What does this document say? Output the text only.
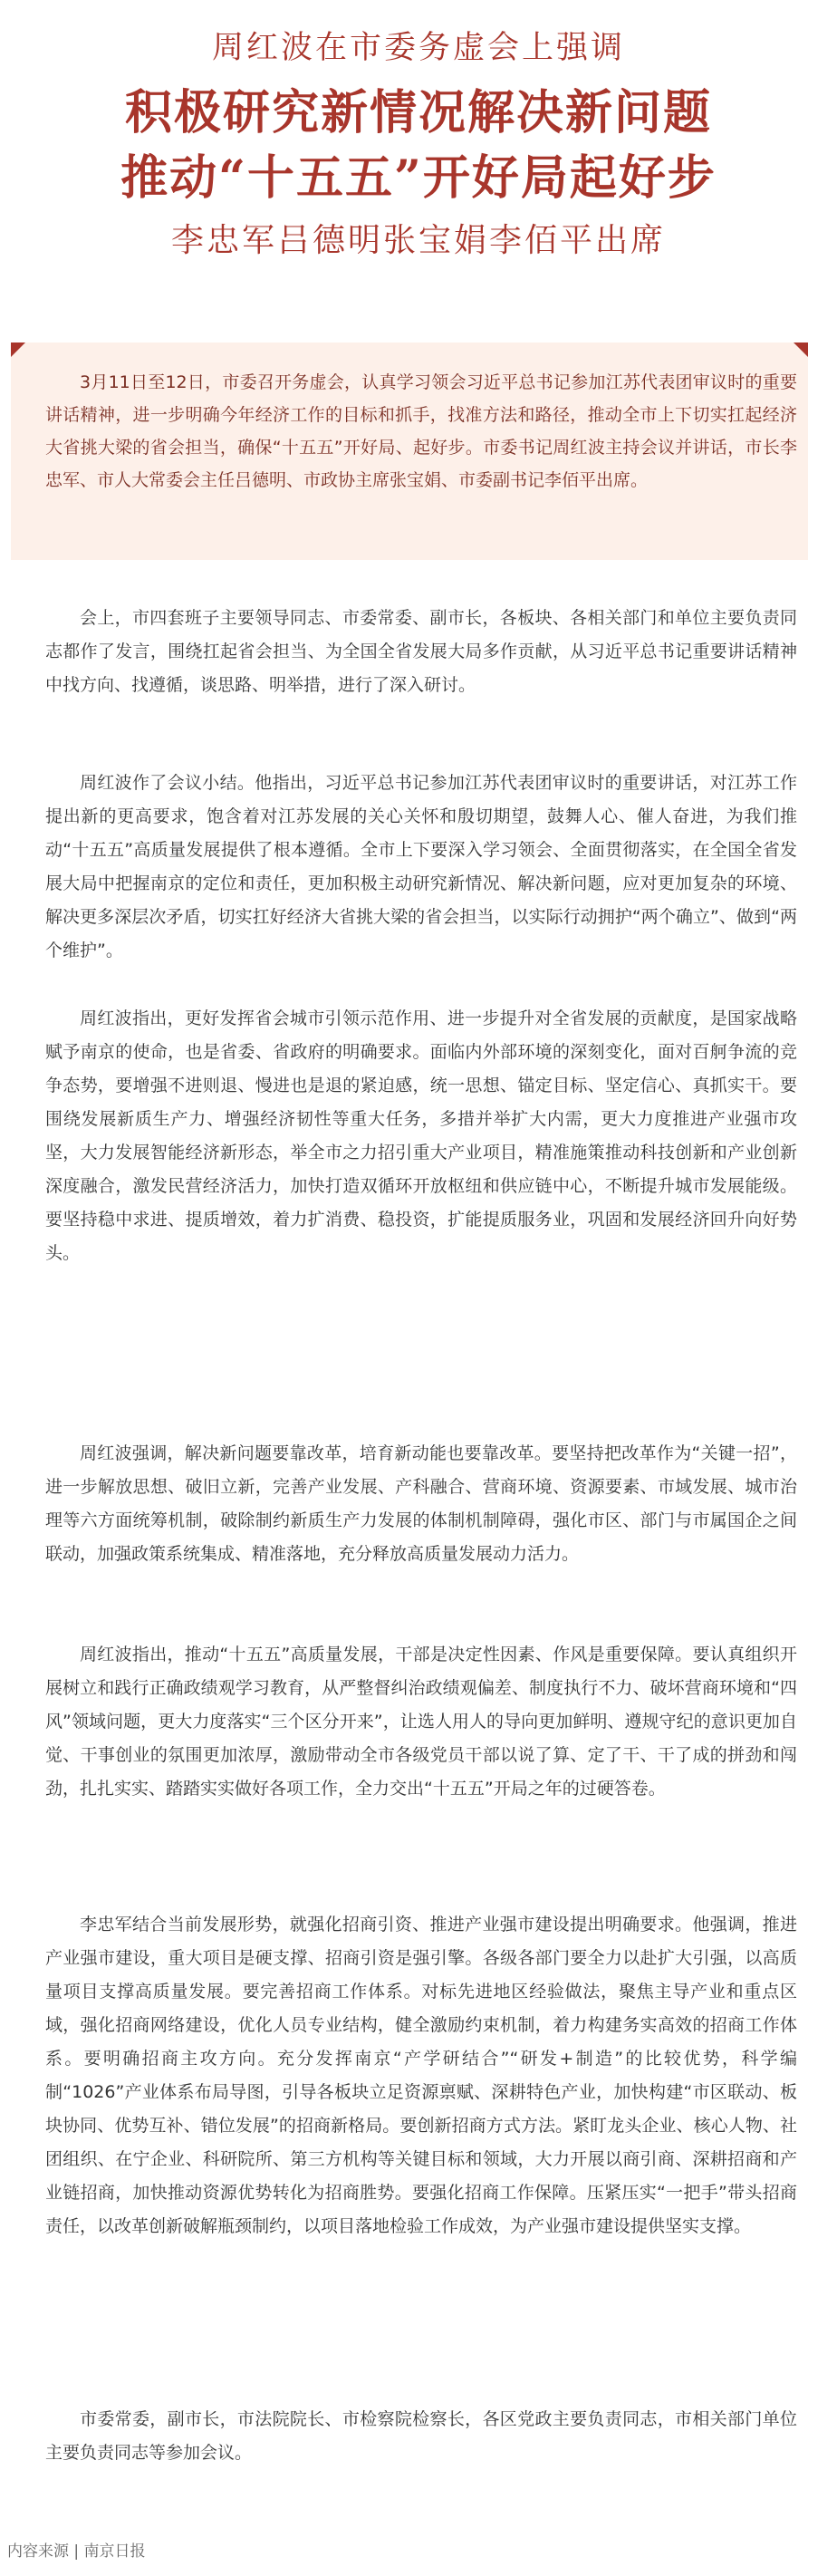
周红波在市委务虚会上强调
积极研究新情况解决新问题
推动“十五五”开好局起好步
李忠军吕德明张宝娟李佰平出席

3月11日至12日，市委召开务虚会，认真学习领会习近平总书记参加江苏代表团审议时的重要讲话精神，进一步明确今年经济工作的目标和抓手，找准方法和路径，推动全市上下切实扛起经济大省挑大梁的省会担当，确保“十五五”开好局、起好步。市委书记周红波主持会议并讲话，市长李忠军、市人大常委会主任吕德明、市政协主席张宝娟、市委副书记李佰平出席。

会上，市四套班子主要领导同志、市委常委、副市长，各板块、各相关部门和单位主要负责同志都作了发言，围绕扛起省会担当、为全国全省发展大局多作贡献，从习近平总书记重要讲话精神中找方向、找遵循，谈思路、明举措，进行了深入研讨。

周红波作了会议小结。他指出，习近平总书记参加江苏代表团审议时的重要讲话，对江苏工作提出新的更高要求，饱含着对江苏发展的关心关怀和殷切期望，鼓舞人心、催人奋进，为我们推动“十五五”高质量发展提供了根本遵循。全市上下要深入学习领会、全面贯彻落实，在全国全省发展大局中把握南京的定位和责任，更加积极主动研究新情况、解决新问题，应对更加复杂的环境、解决更多深层次矛盾，切实扛好经济大省挑大梁的省会担当，以实际行动拥护“两个确立”、做到“两个维护”。

周红波指出，更好发挥省会城市引领示范作用、进一步提升对全省发展的贡献度，是国家战略赋予南京的使命，也是省委、省政府的明确要求。面临内外部环境的深刻变化，面对百舸争流的竞争态势，要增强不进则退、慢进也是退的紧迫感，统一思想、锚定目标、坚定信心、真抓实干。要围绕发展新质生产力、增强经济韧性等重大任务，多措并举扩大内需，更大力度推进产业强市攻坚，大力发展智能经济新形态，举全市之力招引重大产业项目，精准施策推动科技创新和产业创新深度融合，激发民营经济活力，加快打造双循环开放枢纽和供应链中心，不断提升城市发展能级。要坚持稳中求进、提质增效，着力扩消费、稳投资，扩能提质服务业，巩固和发展经济回升向好势头。

周红波强调，解决新问题要靠改革，培育新动能也要靠改革。要坚持把改革作为“关键一招”，进一步解放思想、破旧立新，完善产业发展、产科融合、营商环境、资源要素、市域发展、城市治理等六方面统筹机制，破除制约新质生产力发展的体制机制障碍，强化市区、部门与市属国企之间联动，加强政策系统集成、精准落地，充分释放高质量发展动力活力。

周红波指出，推动“十五五”高质量发展，干部是决定性因素、作风是重要保障。要认真组织开展树立和践行正确政绩观学习教育，从严整督纠治政绩观偏差、制度执行不力、破坏营商环境和“四风”领域问题，更大力度落实“三个区分开来”，让选人用人的导向更加鲜明、遵规守纪的意识更加自觉、干事创业的氛围更加浓厚，激励带动全市各级党员干部以说了算、定了干、干了成的拼劲和闯劲，扎扎实实、踏踏实实做好各项工作，全力交出“十五五”开局之年的过硬答卷。

李忠军结合当前发展形势，就强化招商引资、推进产业强市建设提出明确要求。他强调，推进产业强市建设，重大项目是硬支撑、招商引资是强引擎。各级各部门要全力以赴扩大引强，以高质量项目支撑高质量发展。要完善招商工作体系。对标先进地区经验做法，聚焦主导产业和重点区域，强化招商网络建设，优化人员专业结构，健全激励约束机制，着力构建务实高效的招商工作体系。要明确招商主攻方向。充分发挥南京“产学研结合”“研发+制造”的比较优势，科学编制“1026”产业体系布局导图，引导各板块立足资源禀赋、深耕特色产业，加快构建“市区联动、板块协同、优势互补、错位发展”的招商新格局。要创新招商方式方法。紧盯龙头企业、核心人物、社团组织、在宁企业、科研院所、第三方机构等关键目标和领域，大力开展以商引商、深耕招商和产业链招商，加快推动资源优势转化为招商胜势。要强化招商工作保障。压紧压实“一把手”带头招商责任，以改革创新破解瓶颈制约，以项目落地检验工作成效，为产业强市建设提供坚实支撑。

市委常委，副市长，市法院院长、市检察院检察长，各区党政主要负责同志，市相关部门单位主要负责同志等参加会议。

内容来源 | 南京日报
